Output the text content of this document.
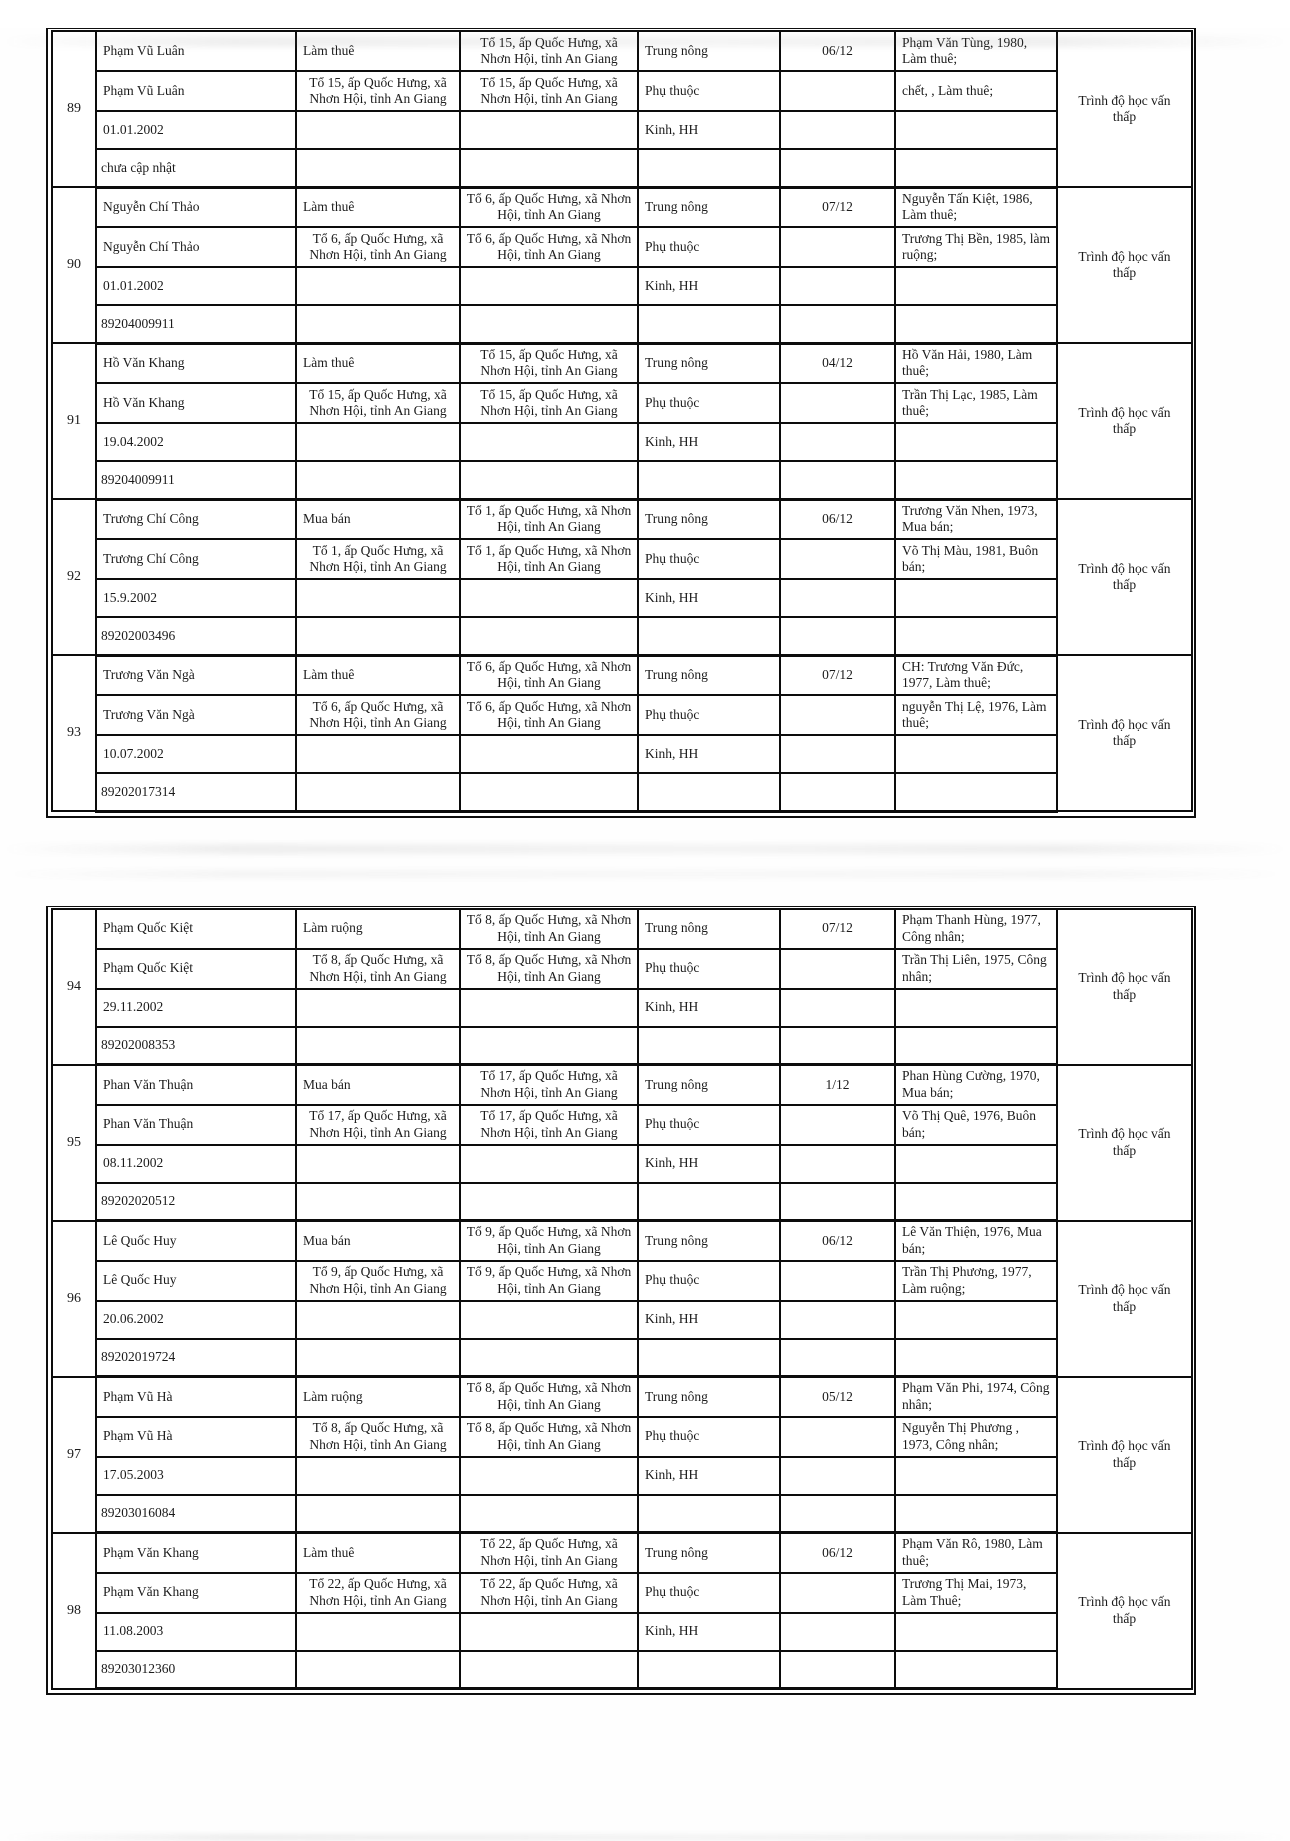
89	Phạm Vũ Luân	Làm thuê	Tổ 15, ấp Quốc Hưng, xã Nhơn Hội, tỉnh An Giang	Trung nông	06/12	Phạm Văn Tùng, 1980, Làm thuê;	Trình độ học vấn thấp
	Phạm Vũ Luân	Tổ 15, ấp Quốc Hưng, xã Nhơn Hội, tỉnh An Giang	Tổ 15, ấp Quốc Hưng, xã Nhơn Hội, tỉnh An Giang	Phụ thuộc		chết, , Làm thuê;	
	01.01.2002			Kinh, HH			
	chưa cập nhật						
90	Nguyễn Chí Thảo	Làm thuê	Tổ 6, ấp Quốc Hưng, xã Nhơn Hội, tỉnh An Giang	Trung nông	07/12	Nguyễn Tấn Kiệt, 1986, Làm thuê;	Trình độ học vấn thấp
	Nguyễn Chí Thảo	Tổ 6, ấp Quốc Hưng, xã Nhơn Hội, tỉnh An Giang	Tổ 6, ấp Quốc Hưng, xã Nhơn Hội, tỉnh An Giang	Phụ thuộc		Trương Thị Bền, 1985, làm ruộng;	
	01.01.2002			Kinh, HH			
	89204009911						
91	Hồ Văn Khang	Làm thuê	Tổ 15, ấp Quốc Hưng, xã Nhơn Hội, tỉnh An Giang	Trung nông	04/12	Hồ Văn Hải, 1980, Làm thuê;	Trình độ học vấn thấp
	Hồ Văn Khang	Tổ 15, ấp Quốc Hưng, xã Nhơn Hội, tỉnh An Giang	Tổ 15, ấp Quốc Hưng, xã Nhơn Hội, tỉnh An Giang	Phụ thuộc		Trần Thị Lạc, 1985, Làm thuê;	
	19.04.2002			Kinh, HH			
	89204009911						
92	Trương Chí Công	Mua bán	Tổ 1, ấp Quốc Hưng, xã Nhơn Hội, tỉnh An Giang	Trung nông	06/12	Trương Văn Nhen, 1973, Mua bán;	Trình độ học vấn thấp
	Trương Chí Công	Tổ 1, ấp Quốc Hưng, xã Nhơn Hội, tỉnh An Giang	Tổ 1, ấp Quốc Hưng, xã Nhơn Hội, tỉnh An Giang	Phụ thuộc		Võ Thị Màu, 1981, Buôn bán;	
	15.9.2002			Kinh, HH			
	89202003496						
93	Trương Văn Ngà	Làm thuê	Tổ 6, ấp Quốc Hưng, xã Nhơn Hội, tỉnh An Giang	Trung nông	07/12	CH: Trương Văn Đức, 1977, Làm thuê;	Trình độ học vấn thấp
	Trương Văn Ngà	Tổ 6, ấp Quốc Hưng, xã Nhơn Hội, tỉnh An Giang	Tổ 6, ấp Quốc Hưng, xã Nhơn Hội, tỉnh An Giang	Phụ thuộc		nguyễn Thị Lệ, 1976, Làm thuê;	
	10.07.2002			Kinh, HH			
	89202017314						
94	Phạm Quốc Kiệt	Làm ruộng	Tổ 8, ấp Quốc Hưng, xã Nhơn Hội, tỉnh An Giang	Trung nông	07/12	Phạm Thanh Hùng, 1977, Công nhân;	Trình độ học vấn thấp
	Phạm Quốc Kiệt	Tổ 8, ấp Quốc Hưng, xã Nhơn Hội, tỉnh An Giang	Tổ 8, ấp Quốc Hưng, xã Nhơn Hội, tỉnh An Giang	Phụ thuộc		Trần Thị Liên, 1975, Công nhân;	
	29.11.2002			Kinh, HH			
	89202008353						
95	Phan Văn Thuận	Mua bán	Tổ 17, ấp Quốc Hưng, xã Nhơn Hội, tỉnh An Giang	Trung nông	1/12	Phan Hùng Cường, 1970, Mua bán;	Trình độ học vấn thấp
	Phan Văn Thuận	Tổ 17, ấp Quốc Hưng, xã Nhơn Hội, tỉnh An Giang	Tổ 17, ấp Quốc Hưng, xã Nhơn Hội, tỉnh An Giang	Phụ thuộc		Võ Thị Quê, 1976, Buôn bán;	
	08.11.2002			Kinh, HH			
	89202020512						
96	Lê Quốc Huy	Mua bán	Tổ 9, ấp Quốc Hưng, xã Nhơn Hội, tỉnh An Giang	Trung nông	06/12	Lê Văn Thiện, 1976, Mua bán;	Trình độ học vấn thấp
	Lê Quốc Huy	Tổ 9, ấp Quốc Hưng, xã Nhơn Hội, tỉnh An Giang	Tổ 9, ấp Quốc Hưng, xã Nhơn Hội, tỉnh An Giang	Phụ thuộc		Trần Thị Phương, 1977, Làm ruộng;	
	20.06.2002			Kinh, HH			
	89202019724						
97	Phạm Vũ Hà	Làm ruộng	Tổ 8, ấp Quốc Hưng, xã Nhơn Hội, tỉnh An Giang	Trung nông	05/12	Phạm Văn Phi, 1974, Công nhân;	Trình độ học vấn thấp
	Phạm Vũ Hà	Tổ 8, ấp Quốc Hưng, xã Nhơn Hội, tỉnh An Giang	Tổ 8, ấp Quốc Hưng, xã Nhơn Hội, tỉnh An Giang	Phụ thuộc		Nguyễn Thị Phương , 1973, Công nhân;	
	17.05.2003			Kinh, HH			
	89203016084						
98	Phạm Văn Khang	Làm thuê	Tổ 22, ấp Quốc Hưng, xã Nhơn Hội, tỉnh An Giang	Trung nông	06/12	Phạm Văn Rô, 1980, Làm thuê;	Trình độ học vấn thấp
	Phạm Văn Khang	Tổ 22, ấp Quốc Hưng, xã Nhơn Hội, tỉnh An Giang	Tổ 22, ấp Quốc Hưng, xã Nhơn Hội, tỉnh An Giang	Phụ thuộc		Trương Thị Mai, 1973, Làm Thuê;	
	11.08.2003			Kinh, HH			
	89203012360						
